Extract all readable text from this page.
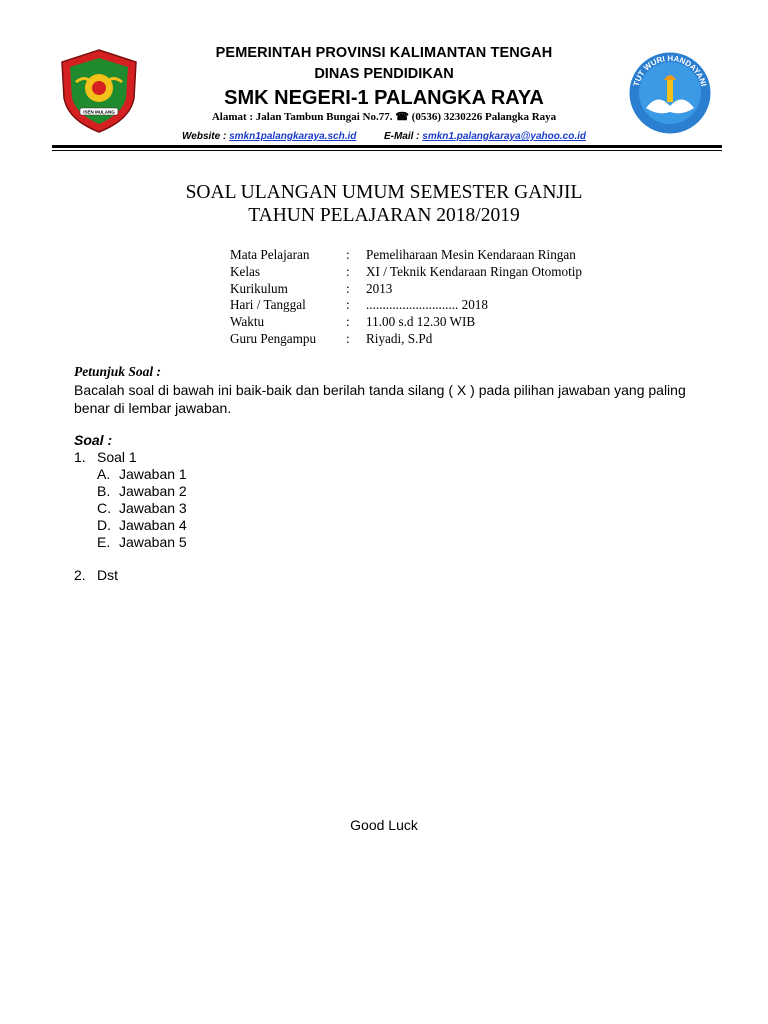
ISEN MULANG
TUT WURI HANDAYANI
PEMERINTAH PROVINSI KALIMANTAN TENGAH
DINAS PENDIDIKAN
SMK NEGERI-1 PALANGKA RAYA
Alamat : Jalan Tambun Bungai No.77. ☎ (0536) 3230226 Palangka Raya
Website : smkn1palangkaraya.sch.id	E-Mail : smkn1.palangkaraya@yahoo.co.id
SOAL ULANGAN UMUM SEMESTER GANJIL
TAHUN PELAJARAN 2018/2019
Mata Pelajaran	: Pemeliharaan Mesin Kendaraan Ringan
Kelas	: XI / Teknik Kendaraan Ringan Otomotip
Kurikulum	: 2013
Hari / Tanggal	: ............................ 2018
Waktu	: 11.00 s.d 12.30 WIB
Guru Pengampu : Riyadi, S.Pd
Petunjuk Soal :
Bacalah soal di bawah ini baik-baik dan berilah tanda silang ( X ) pada pilihan jawaban yang paling benar di lembar jawaban.
Soal :
1. Soal 1
A. Jawaban 1
B. Jawaban 2
C. Jawaban 3
D. Jawaban 4
E. Jawaban 5
2. Dst
Good Luck
